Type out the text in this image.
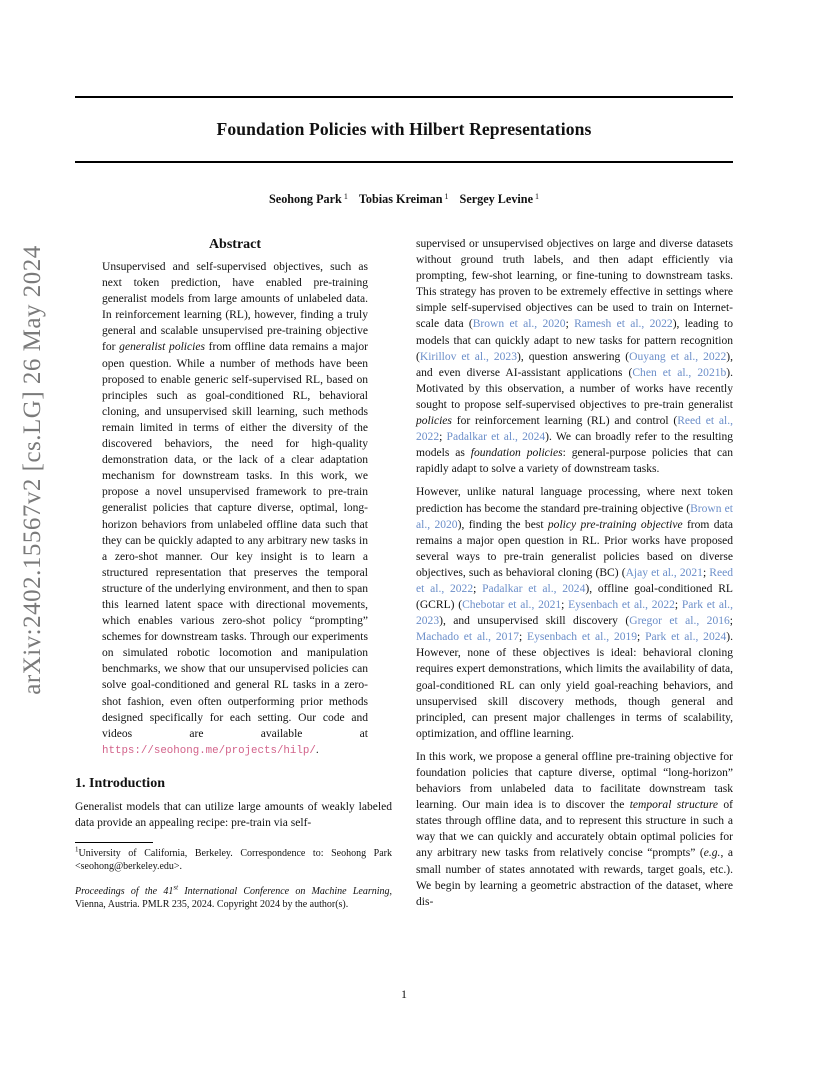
Foundation Policies with Hilbert Representations
Seohong Park $^1$ Tobias Kreiman $^1$ Sergey Levine $^1$
arXiv:2402.15567v2 [cs.LG] 26 May 2024
Abstract

Unsupervised and self-supervised objectives, such as next token prediction, have enabled pre-training generalist models from large amounts of unlabeled data. In reinforcement learning (RL), however, finding a truly general and scalable unsupervised pre-training objective for generalist policies from offline data remains a major open question. While a number of methods have been proposed to enable generic self-supervised RL, based on principles such as goal-conditioned RL, behavioral cloning, and unsupervised skill learning, such methods remain limited in terms of either the diversity of the discovered behaviors, the need for high-quality demonstration data, or the lack of a clear adaptation mechanism for downstream tasks. In this work, we propose a novel unsupervised framework to pre-train generalist policies that capture diverse, optimal, long-horizon behaviors from unlabeled offline data such that they can be quickly adapted to any arbitrary new tasks in a zero-shot manner. Our key insight is to learn a structured representation that preserves the temporal structure of the underlying environment, and then to span this learned latent space with directional movements, which enables various zero-shot policy “prompting” schemes for downstream tasks. Through our experiments on simulated robotic locomotion and manipulation benchmarks, we show that our unsupervised policies can solve goal-conditioned and general RL tasks in a zero-shot fashion, even often outperforming prior methods designed specifically for each setting. Our code and videos are available at https://seohong.me/projects/hilp/.

1. Introduction

Generalist models that can utilize large amounts of weakly labeled data provide an appealing recipe: pre-train via self-

$^1$University of California, Berkeley. Correspondence to: Seohong Park <seohong@berkeley.edu>.

Proceedings of the 41st International Conference on Machine Learning, Vienna, Austria. PMLR 235, 2024. Copyright 2024 by the author(s).

supervised or unsupervised objectives on large and diverse datasets without ground truth labels, and then adapt efficiently via prompting, few-shot learning, or fine-tuning to downstream tasks. This strategy has proven to be extremely effective in settings where simple self-supervised objectives can be used to train on Internet-scale data (Brown et al., 2020; Ramesh et al., 2022), leading to models that can quickly adapt to new tasks for pattern recognition (Kirillov et al., 2023), question answering (Ouyang et al., 2022), and even diverse AI-assistant applications (Chen et al., 2021b). Motivated by this observation, a number of works have recently sought to propose self-supervised objectives to pre-train generalist policies for reinforcement learning (RL) and control (Reed et al., 2022; Padalkar et al., 2024). We can broadly refer to the resulting models as foundation policies: general-purpose policies that can rapidly adapt to solve a variety of downstream tasks.

However, unlike natural language processing, where next token prediction has become the standard pre-training objective (Brown et al., 2020), finding the best policy pre-training objective from data remains a major open question in RL. Prior works have proposed several ways to pre-train generalist policies based on diverse objectives, such as behavioral cloning (BC) (Ajay et al., 2021; Reed et al., 2022; Padalkar et al., 2024), offline goal-conditioned RL (GCRL) (Chebotar et al., 2021; Eysenbach et al., 2022; Park et al., 2023), and unsupervised skill discovery (Gregor et al., 2016; Machado et al., 2017; Eysenbach et al., 2019; Park et al., 2024). However, none of these objectives is ideal: behavioral cloning requires expert demonstrations, which limits the availability of data, goal-conditioned RL can only yield goal-reaching behaviors, and unsupervised skill discovery methods, though general and principled, can present major challenges in terms of scalability, optimization, and offline learning.

In this work, we propose a general offline pre-training objective for foundation policies that capture diverse, optimal “long-horizon” behaviors from unlabeled data to facilitate downstream task learning. Our main idea is to discover the temporal structure of states through offline data, and to represent this structure in such a way that we can quickly and accurately obtain optimal policies for any arbitrary new tasks from relatively concise “prompts” (e.g., a small number of states annotated with rewards, target goals, etc.). We begin by learning a geometric abstraction of the dataset, where dis-

1
